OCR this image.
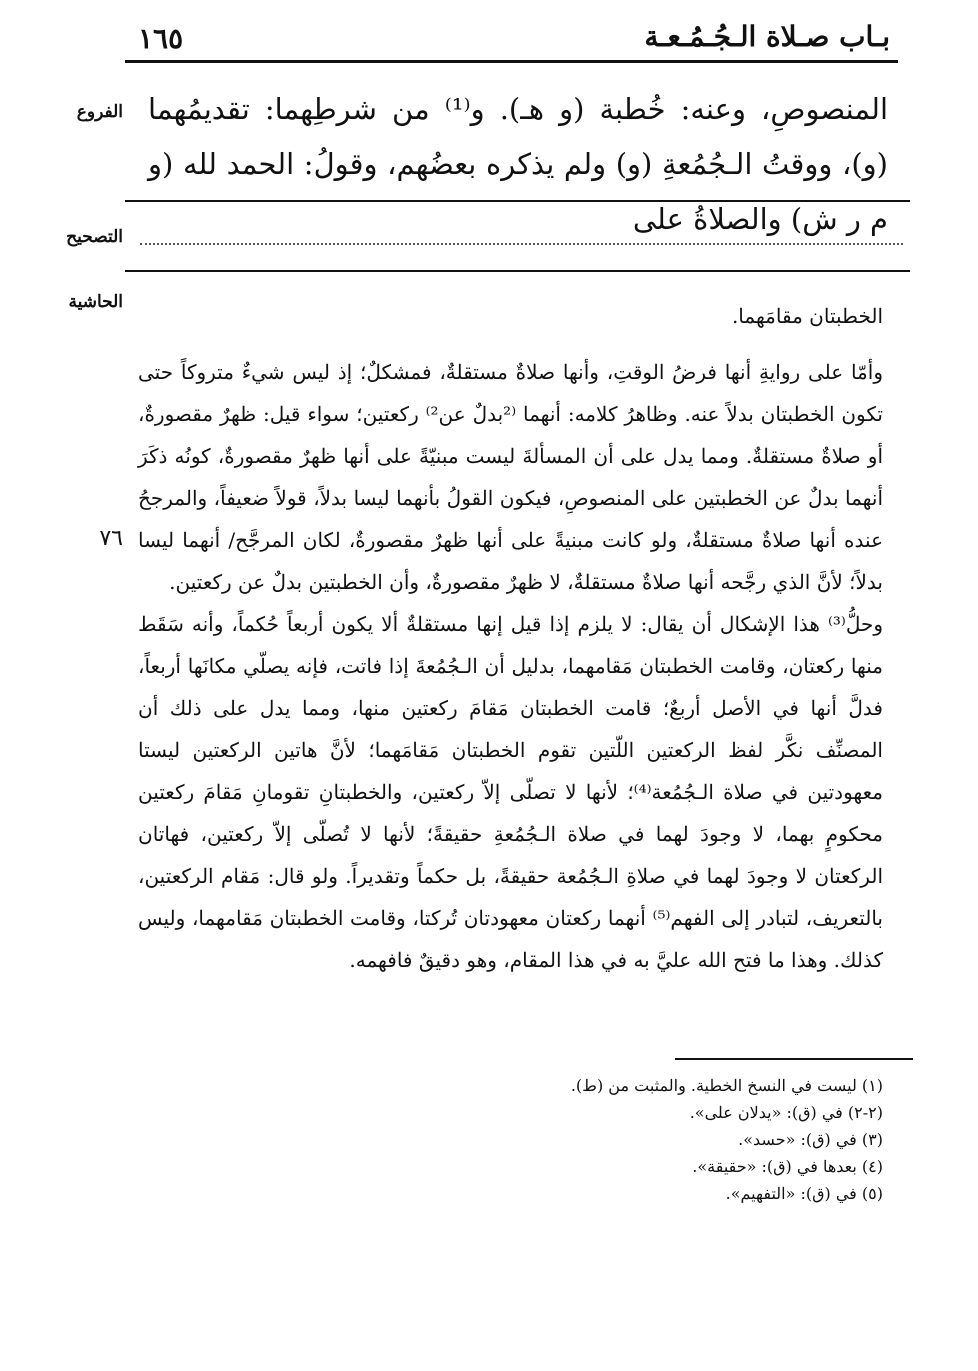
بـاب صـلاة الـجُـمُـعـة
١٦٥
الفروع المنصوصِ، وعنه: خُطبة (و هـ). و⁽¹⁾ من شرطِهما: تقديمُهما (و)، ووقتُ الـجُمُعةِ (و) ولم يذكره بعضُهم، وقولُ: الحمد لله (و م ر ش) والصلاةُ على

التصحيح
الحاشية
٧٦

الخطبتان مقامَهما.

وأمّا على روايةِ أنها فرضُ الوقتِ، وأنها صلاةٌ مستقلةٌ، فمشكلٌ؛ إذ ليس شيءٌ متروكاً حتى تكون الخطبتان بدلاً عنه. وظاهرُ كلامه: أنهما ⁽²بدلٌ عن²⁾ ركعتين؛ سواء قيل: ظهرٌ مقصورةٌ، أو صلاةٌ مستقلةٌ. ومما يدل على أن المسألةَ ليست مبنيّةً على أنها ظهرٌ مقصورةٌ، كونُه ذكَرَ أنهما بدلٌ عن الخطبتين على المنصوصِ، فيكون القولُ بأنهما ليسا بدلاً، قولاً ضعيفاً، والمرجحُ عنده أنها صلاةٌ مستقلةٌ، ولو كانت مبنيةً على أنها ظهرٌ مقصورةٌ، لكان المرجَّح/ أنهما ليسا بدلاً؛ لأنَّ الذي رجَّحه أنها صلاةٌ مستقلةٌ، لا ظهرٌ مقصورةٌ، وأن الخطبتين بدلٌ عن ركعتين.

وحلُّ⁽³⁾ هذا الإشكال أن يقال: لا يلزم إذا قيل إنها مستقلةٌ ألا يكون أربعاً حُكماً، وأنه سَقَط منها ركعتان، وقامت الخطبتان مَقامهما، بدليل أن الـجُمُعةَ إذا فاتت، فإنه يصلّي مكانَها أربعاً، فدلَّ أنها في الأصل أربعٌ؛ قامت الخطبتان مَقامَ ركعتين منها، ومما يدل على ذلك أن المصنِّف نكَّر لفظ الركعتين اللّتين تقوم الخطبتان مَقامَهما؛ لأنَّ هاتين الركعتين ليستا معهودتين في صلاة الـجُمُعة⁽⁴⁾؛ لأنها لا تصلّى إلاّ ركعتين، والخطبتانِ تقومانِ مَقامَ ركعتين محكومٍ بهما، لا وجودَ لهما في صلاة الـجُمُعةِ حقيقةً؛ لأنها لا تُصلّى إلاّ ركعتين، فهاتان الركعتان لا وجودَ لهما في صلاةِ الـجُمُعة حقيقةً، بل حكماً وتقديراً. ولو قال: مَقام الركعتين، بالتعريف، لتبادر إلى الفهم⁽⁵⁾ أنهما ركعتان معهودتان تُركتا، وقامت الخطبتان مَقامهما، وليس كذلك. وهذا ما فتح الله عليَّ به في هذا المقام، وهو دقيقٌ فافهمه.

(١) ليست في النسخ الخطية. والمثبت من (ط).
(٢-٢) في (ق): «يدلان على».
(٣) في (ق): «حسد».
(٤) بعدها في (ق): «حقيقة».
(٥) في (ق): «التفهيم».
